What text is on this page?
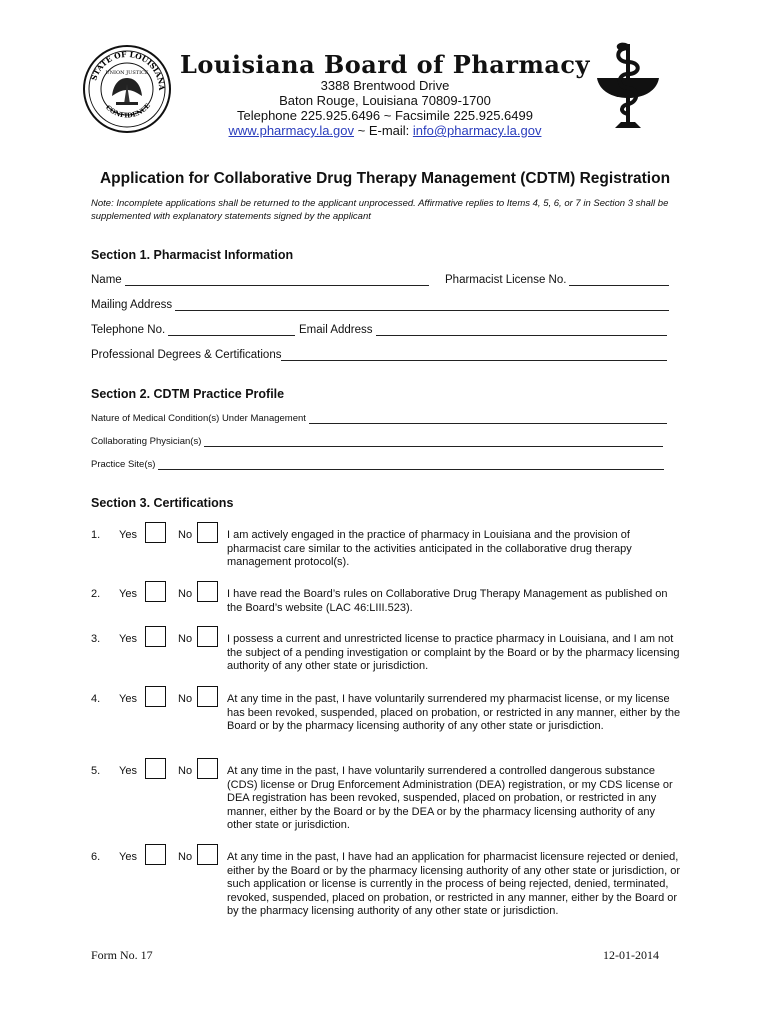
STATE OF LOUISIANA
CONFIDENCE
UNION JUSTICE	Louisiana Board of Pharmacy
3388 Brentwood Drive
Baton Rouge, Louisiana 70809-1700
Telephone 225.925.6496 ~ Facsimile 225.925.6499
www.pharmacy.la.gov ~ E-mail: info@pharmacy.la.gov
Application for Collaborative Drug Therapy Management (CDTM) Registration
Note: Incomplete applications shall be returned to the applicant unprocessed. Affirmative replies to Items 4, 5, 6, or 7 in Section 3 shall be supplemented with explanatory statements signed by the applicant
Section 1. Pharmacist Information
Name	Pharmacist License No.
Mailing Address
Telephone No.	Email Address
Professional Degrees & Certifications
Section 2. CDTM Practice Profile
Nature of Medical Condition(s) Under Management
Collaborating Physician(s)
Practice Site(s)
Section 3. Certifications
1. Yes	No	I am actively engaged in the practice of pharmacy in Louisiana and the provision of pharmacist care similar to the activities anticipated in the collaborative drug therapy management protocol(s).
2. Yes	No	I have read the Board’s rules on Collaborative Drug Therapy Management as published on the Board’s website (LAC 46:LIII.523).
3. Yes	No	I possess a current and unrestricted license to practice pharmacy in Louisiana, and I am not the subject of a pending investigation or complaint by the Board or by the pharmacy licensing authority of any other state or jurisdiction.
4. Yes	No	At any time in the past, I have voluntarily surrendered my pharmacist license, or my license has been revoked, suspended, placed on probation, or restricted in any manner, either by the Board or by the pharmacy licensing authority of any other state or jurisdiction.
5. Yes	No	At any time in the past, I have voluntarily surrendered a controlled dangerous substance (CDS) license or Drug Enforcement Administration (DEA) registration, or my CDS license or DEA registration has been revoked, suspended, placed on probation, or restricted in any manner, either by the Board or by the DEA or by the pharmacy licensing authority of any other state or jurisdiction.
6. Yes	No	At any time in the past, I have had an application for pharmacist licensure rejected or denied, either by the Board or by the pharmacy licensing authority of any other state or jurisdiction, or such application or license is currently in the process of being rejected, denied, terminated, revoked, suspended, placed on probation, or restricted in any manner, either by the Board or by the pharmacy licensing authority of any other state or jurisdiction.
Form No. 17	12-01-2014
